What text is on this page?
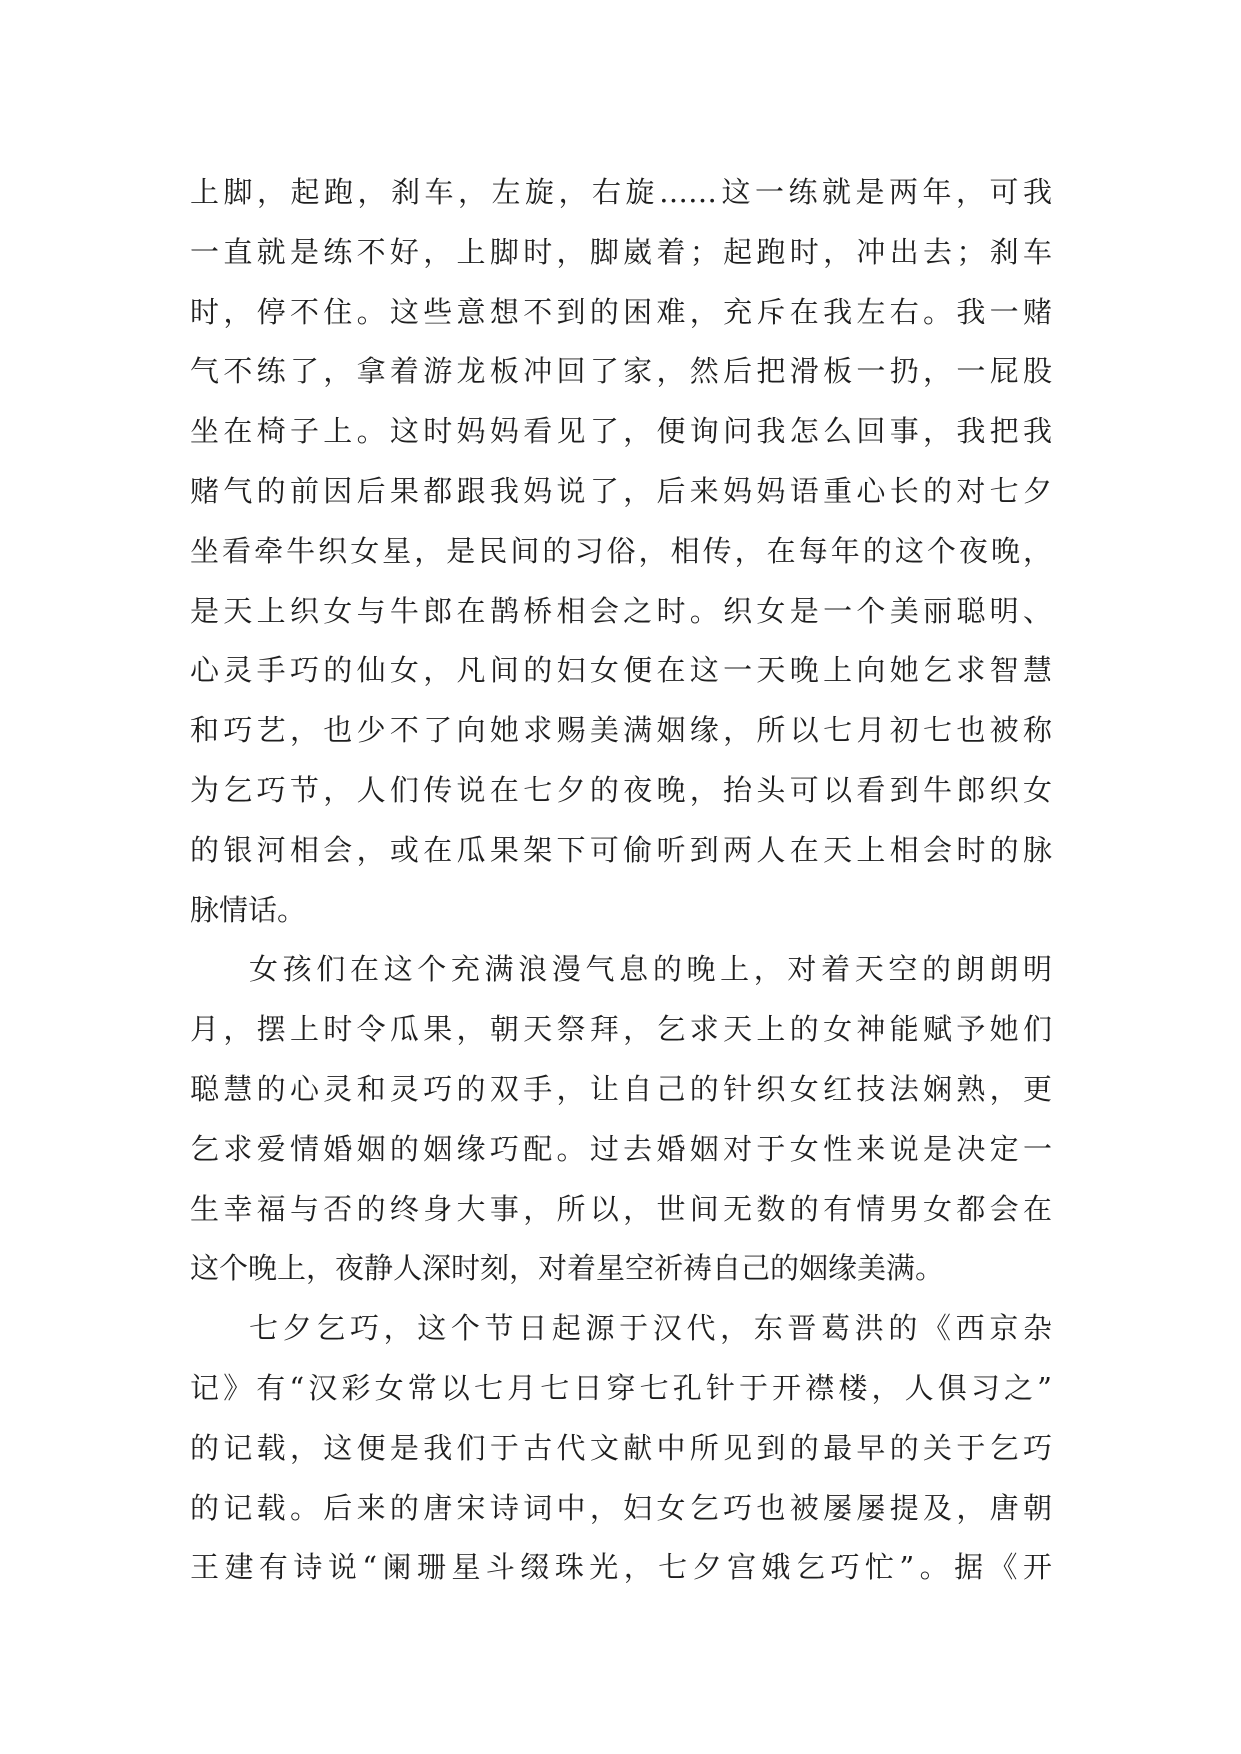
上脚，起跑，刹车，左旋，右旋……这一练就是两年，可我
一直就是练不好，上脚时，脚崴着；起跑时，冲出去；刹车
时，停不住。这些意想不到的困难，充斥在我左右。我一赌
气不练了，拿着游龙板冲回了家，然后把滑板一扔，一屁股
坐在椅子上。这时妈妈看见了，便询问我怎么回事，我把我
赌气的前因后果都跟我妈说了，后来妈妈语重心长的对七夕
坐看牵牛织女星，是民间的习俗，相传，在每年的这个夜晚，
是天上织女与牛郎在鹊桥相会之时。织女是一个美丽聪明、
心灵手巧的仙女，凡间的妇女便在这一天晚上向她乞求智慧
和巧艺，也少不了向她求赐美满姻缘，所以七月初七也被称
为乞巧节，人们传说在七夕的夜晚，抬头可以看到牛郎织女
的银河相会，或在瓜果架下可偷听到两人在天上相会时的脉
脉情话。
女孩们在这个充满浪漫气息的晚上，对着天空的朗朗明
月，摆上时令瓜果，朝天祭拜，乞求天上的女神能赋予她们
聪慧的心灵和灵巧的双手，让自己的针织女红技法娴熟，更
乞求爱情婚姻的姻缘巧配。过去婚姻对于女性来说是决定一
生幸福与否的终身大事，所以，世间无数的有情男女都会在
这个晚上，夜静人深时刻，对着星空祈祷自己的姻缘美满。
七夕乞巧，这个节日起源于汉代，东晋葛洪的《西京杂
记》有“汉彩女常以七月七日穿七孔针于开襟楼，人俱习之”
的记载，这便是我们于古代文献中所见到的最早的关于乞巧
的记载。后来的唐宋诗词中，妇女乞巧也被屡屡提及，唐朝
王建有诗说“阑珊星斗缀珠光，七夕宫娥乞巧忙”。据《开
